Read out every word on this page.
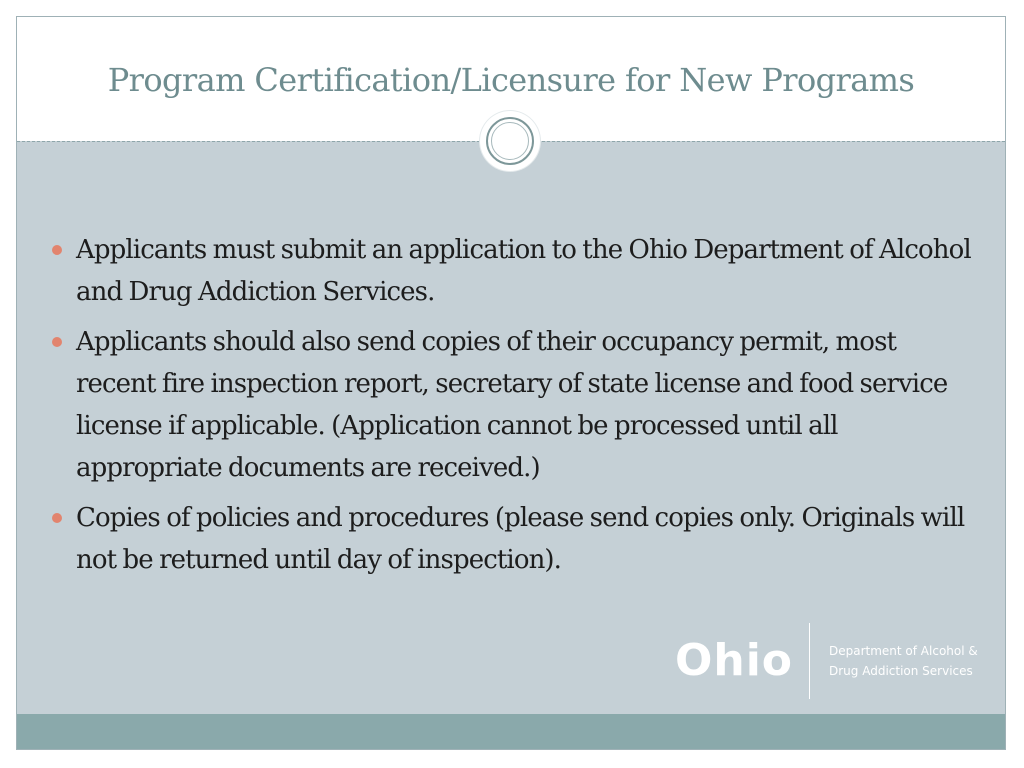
Program Certification/Licensure for New Programs
Applicants must submit an application to the Ohio Department of Alcohol and Drug Addiction Services.
Applicants should also send copies of their occupancy permit, most recent fire inspection report, secretary of state license and food service license if applicable. (Application cannot be processed until all appropriate documents are received.)
Copies of policies and procedures (please send copies only. Originals will not be returned until day of inspection).
Ohio	Department of Alcohol &
Drug Addiction Services
